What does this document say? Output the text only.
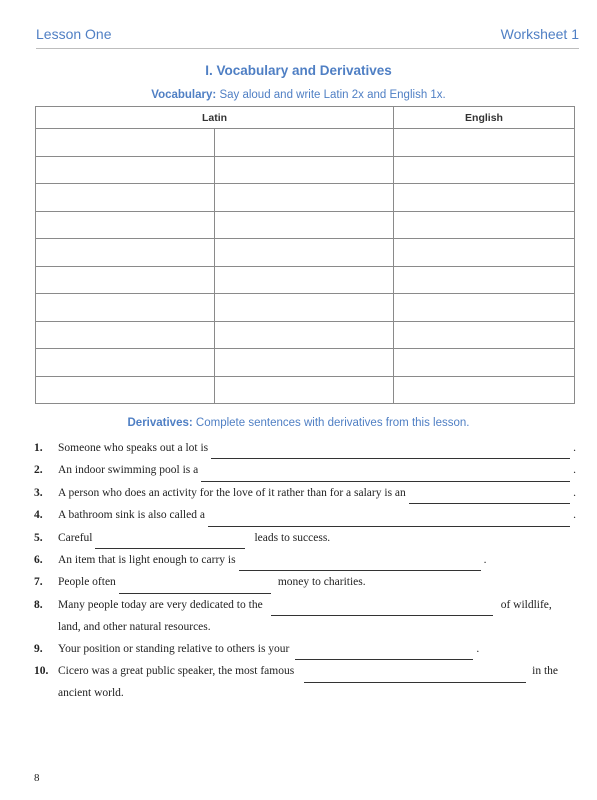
Lesson One	Worksheet 1
I. Vocabulary and Derivatives
Vocabulary: Say aloud and write Latin 2x and English 1x.
Latin		English

Derivatives: Complete sentences with derivatives from this lesson.
1. Someone who speaks out a lot is	.
2. An indoor swimming pool is a	.
3. A person who does an activity for the love of it rather than for a salary is an	.
4. A bathroom sink is also called a	.
5. Careful	leads to success.
6. An item that is light enough to carry is	.
7. People often	money to charities.
8. Many people today are very dedicated to the	of wildlife,
land, and other natural resources.
9. Your position or standing relative to others is your	.
10. Cicero was a great public speaker, the most famous	in the
ancient world.
8
